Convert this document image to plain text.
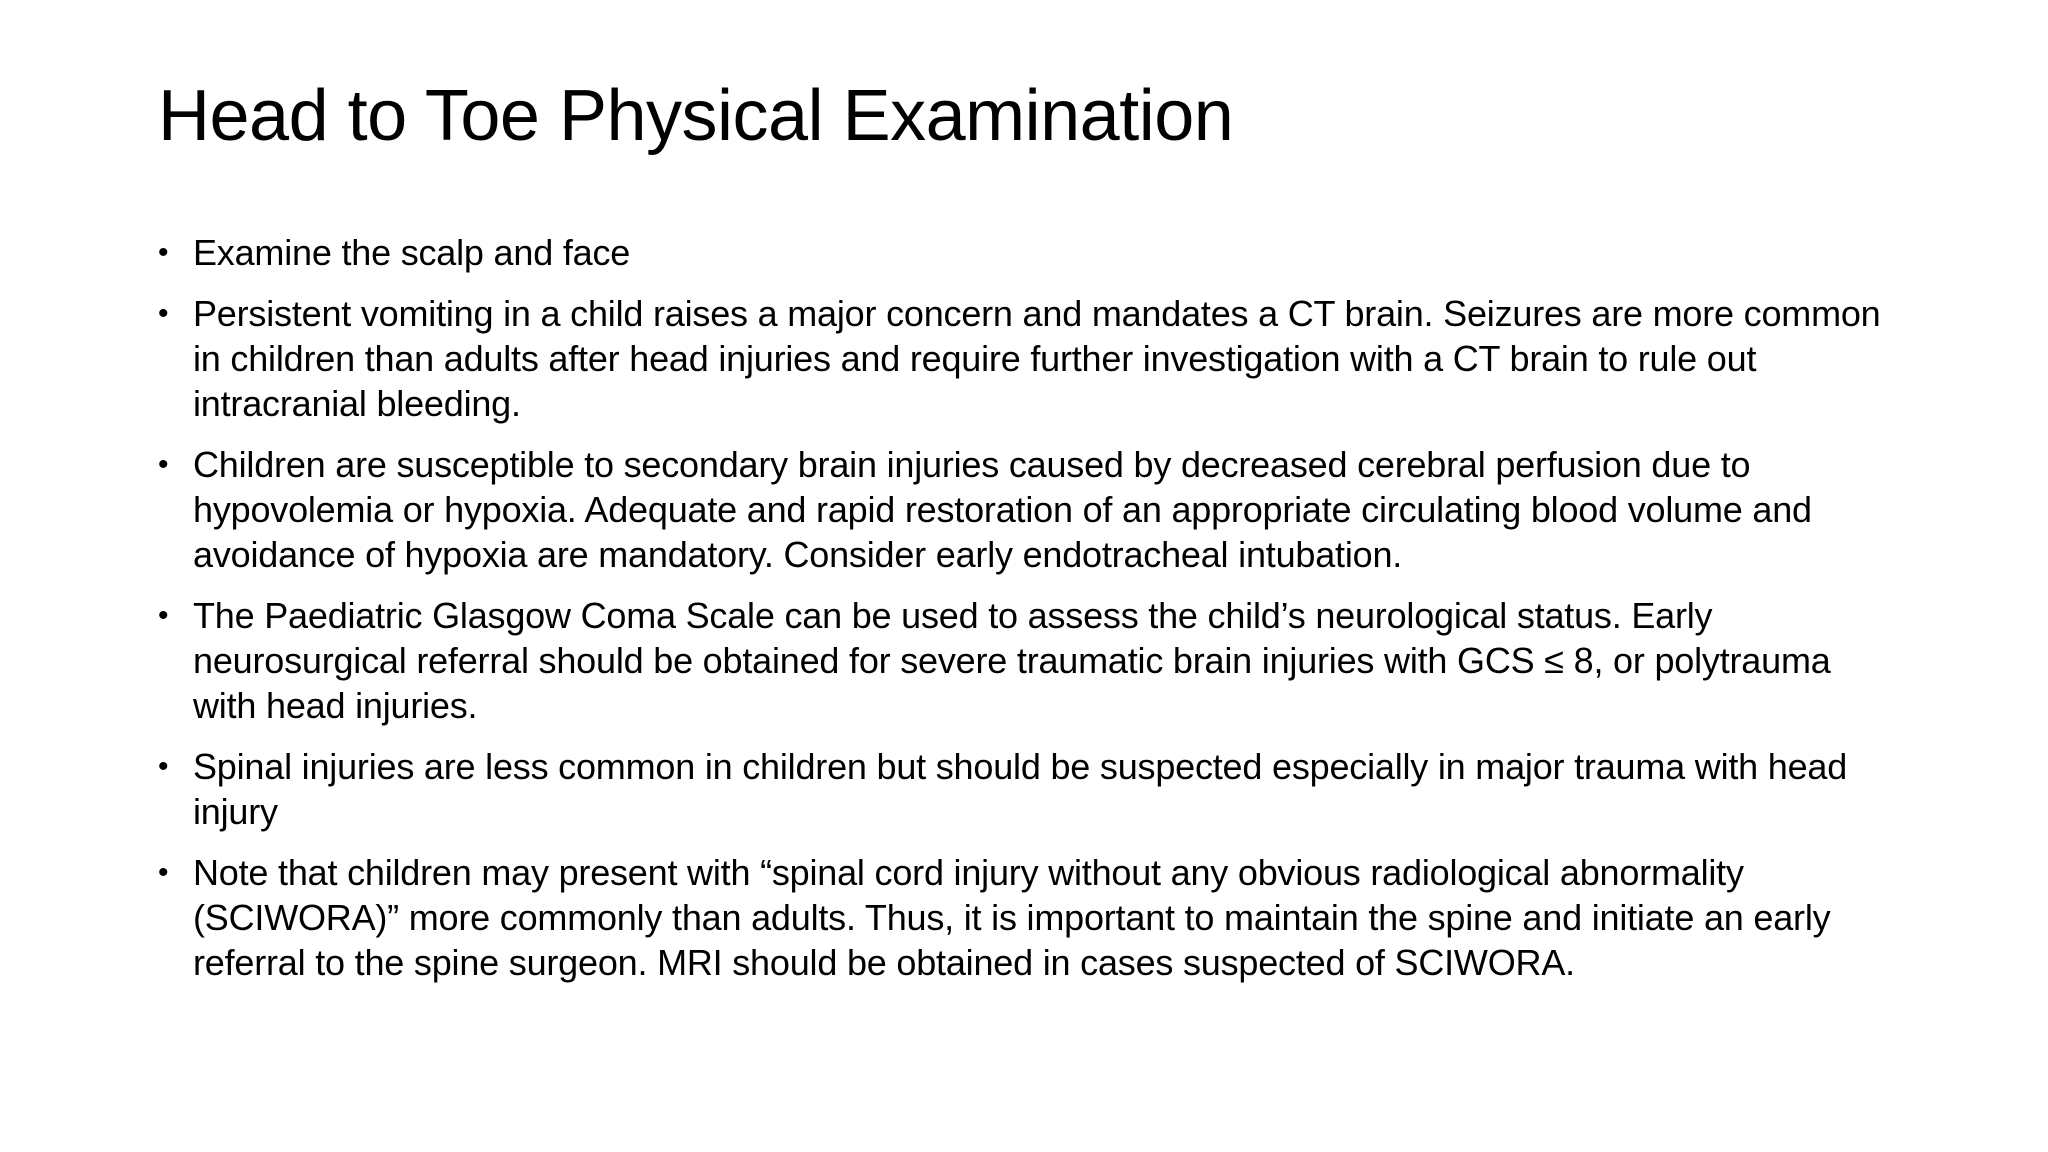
Head to Toe Physical Examination
• Examine the scalp and face
• Persistent vomiting in a child raises a major concern and mandates a CT brain. Seizures are more common in children than adults after head injuries and require further investigation with a CT brain to rule out intracranial bleeding.
• Children are susceptible to secondary brain injuries caused by decreased cerebral perfusion due to hypovolemia or hypoxia. Adequate and rapid restoration of an appropriate circulating blood volume and avoidance of hypoxia are mandatory. Consider early endotracheal intubation.
• The Paediatric Glasgow Coma Scale can be used to assess the child’s neurological status. Early neurosurgical referral should be obtained for severe traumatic brain injuries with GCS ≤ 8, or polytrauma with head injuries.
• Spinal injuries are less common in children but should be suspected especially in major trauma with head injury
• Note that children may present with “spinal cord injury without any obvious radiological abnormality (SCIWORA)” more commonly than adults. Thus, it is important to maintain the spine and initiate an early referral to the spine surgeon. MRI should be obtained in cases suspected of SCIWORA.
